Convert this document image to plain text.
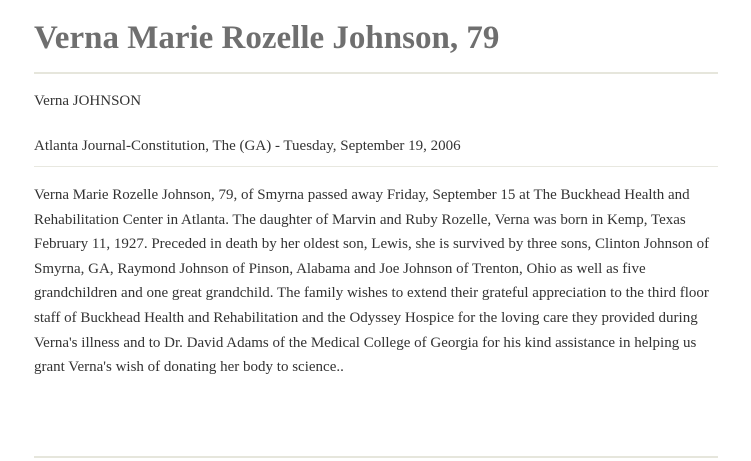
Verna Marie Rozelle Johnson, 79
Verna JOHNSON
Atlanta Journal-Constitution, The (GA) - Tuesday, September 19, 2006

Verna Marie Rozelle Johnson, 79, of Smyrna passed away Friday, September 15 at The Buckhead Health and Rehabilitation Center in Atlanta. The daughter of Marvin and Ruby Rozelle, Verna was born in Kemp, Texas February 11, 1927. Preceded in death by her oldest son, Lewis, she is survived by three sons, Clinton Johnson of Smyrna, GA, Raymond Johnson of Pinson, Alabama and Joe Johnson of Trenton, Ohio as well as five grandchildren and one great grandchild. The family wishes to extend their grateful appreciation to the third floor staff of Buckhead Health and Rehabilitation and the Odyssey Hospice for the loving care they provided during Verna's illness and to Dr. David Adams of the Medical College of Georgia for his kind assistance in helping us grant Verna's wish of donating her body to science..
